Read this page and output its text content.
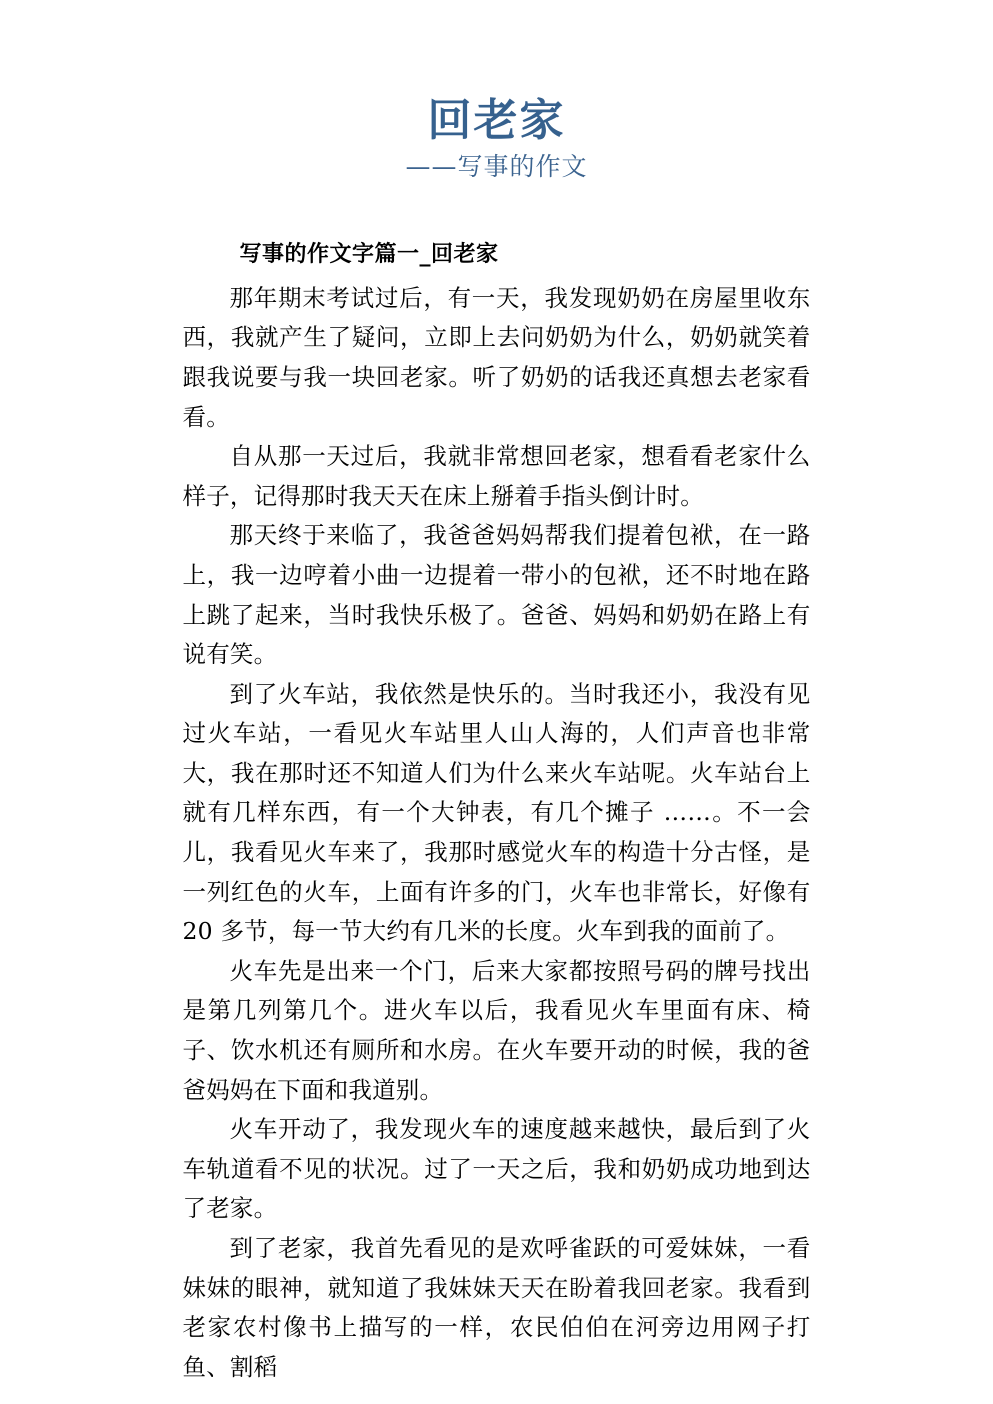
回老家
——写事的作文
写事的作文字篇一_回老家

那年期末考试过后，有一天，我发现奶奶在房屋里收东西，我就产生了疑问，立即上去问奶奶为什么，奶奶就笑着跟我说要与我一块回老家。听了奶奶的话我还真想去老家看看。

自从那一天过后，我就非常想回老家，想看看老家什么样子，记得那时我天天在床上掰着手指头倒计时。

那天终于来临了，我爸爸妈妈帮我们提着包袱，在一路上，我一边哼着小曲一边提着一带小的包袱，还不时地在路上跳了起来，当时我快乐极了。爸爸、妈妈和奶奶在路上有说有笑。

到了火车站，我依然是快乐的。当时我还小，我没有见过火车站，一看见火车站里人山人海的，人们声音也非常大，我在那时还不知道人们为什么来火车站呢。火车站台上就有几样东西，有一个大钟表，有几个摊子 ……。不一会儿，我看见火车来了，我那时感觉火车的构造十分古怪，是一列红色的火车，上面有许多的门，火车也非常长，好像有 20 多节，每一节大约有几米的长度。火车到我的面前了。

火车先是出来一个门，后来大家都按照号码的牌号找出是第几列第几个。进火车以后，我看见火车里面有床、椅子、饮水机还有厕所和水房。在火车要开动的时候，我的爸爸妈妈在下面和我道别。

火车开动了，我发现火车的速度越来越快，最后到了火车轨道看不见的状况。过了一天之后，我和奶奶成功地到达了老家。

到了老家，我首先看见的是欢呼雀跃的可爱妹妹，一看妹妹的眼神，就知道了我妹妹天天在盼着我回老家。我看到老家农村像书上描写的一样，农民伯伯在河旁边用网子打鱼、割稻
